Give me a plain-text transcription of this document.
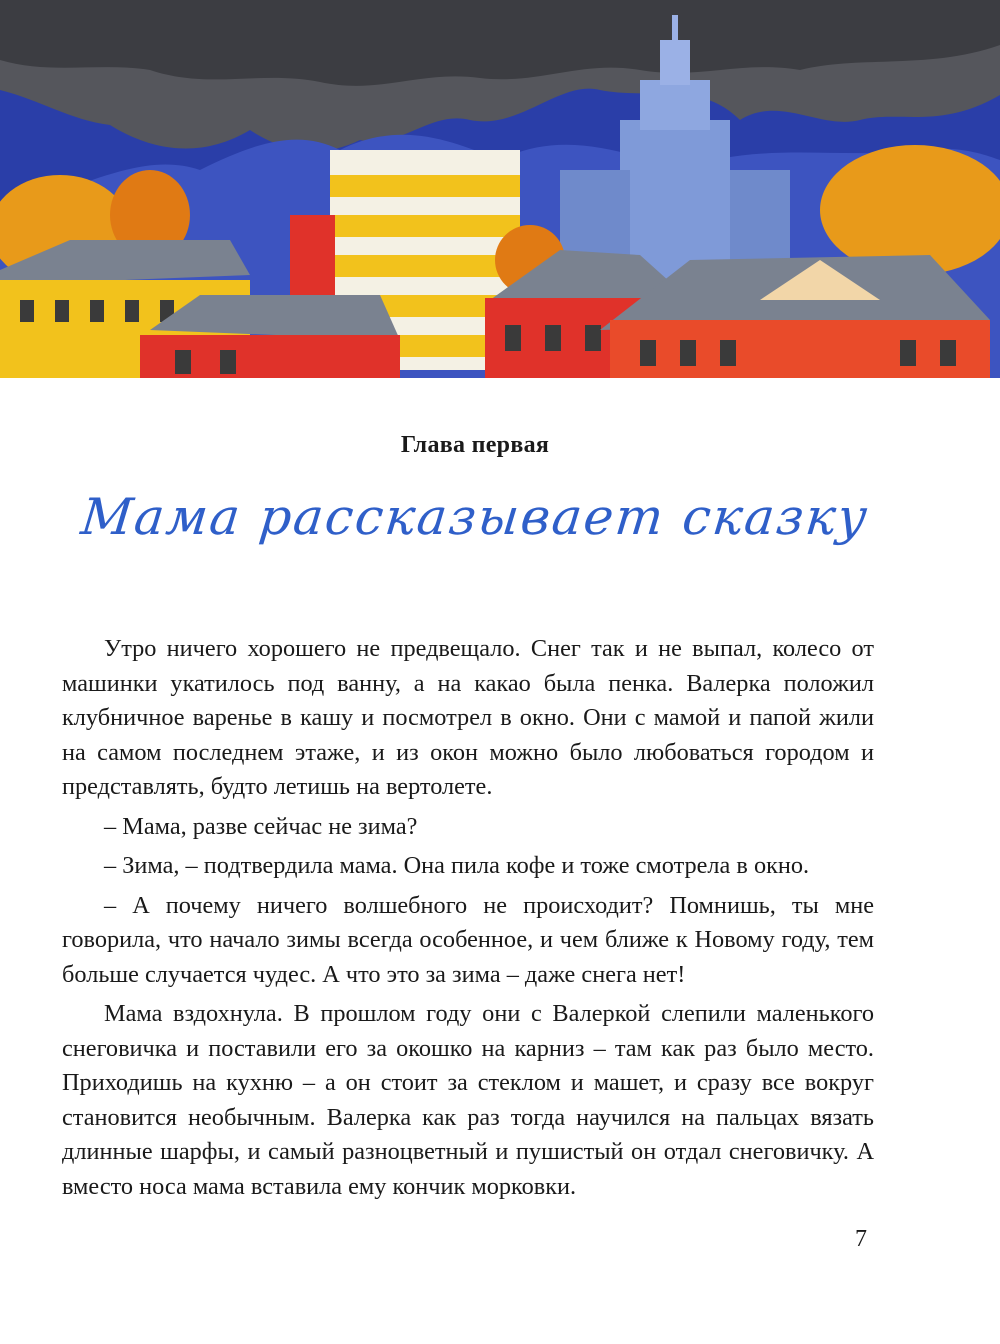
Глава первая
Мама рассказывает сказку

Утро ничего хорошего не предвещало. Снег так и не выпал, колесо от машинки укатилось под ванну, а на какао была пенка. Валерка положил клубничное варенье в кашу и посмотрел в окно. Они с мамой и папой жили на самом последнем этаже, и из окон можно было любоваться городом и представлять, будто летишь на вертолете.

– Мама, разве сейчас не зима?

– Зима, – подтвердила мама. Она пила кофе и тоже смотрела в окно.

– А почему ничего волшебного не происходит? Помнишь, ты мне говорила, что начало зимы всегда особенное, и чем ближе к Новому году, тем больше случается чудес. А что это за зима – даже снега нет!

Мама вздохнула. В прошлом году они с Валеркой слепили маленького снеговичка и поставили его за окошко на карниз – там как раз было место. Приходишь на кухню – а он стоит за стеклом и машет, и сразу все вокруг становится необычным. Валерка как раз тогда научился на пальцах вязать длинные шарфы, и самый разноцветный и пушистый он отдал снеговичку. А вместо носа мама вставила ему кончик морковки.

7
